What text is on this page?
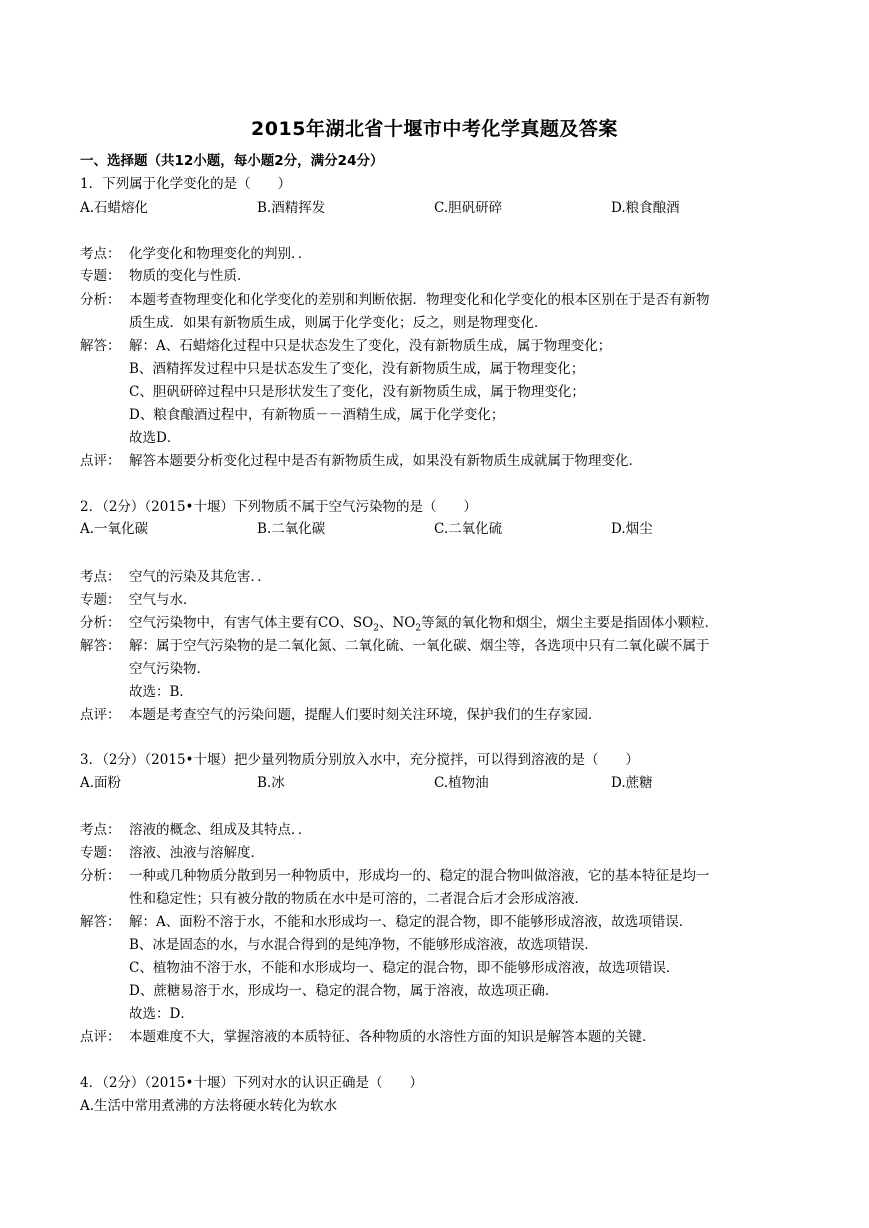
2015年湖北省十堰市中考化学真题及答案
一、选择题（共12小题，每小题2分，满分24分）
1．下列属于化学变化的是（　　）
A.石蜡熔化	B.酒精挥发	C.胆矾研碎	D.粮食酿酒
考点： 化学变化和物理变化的判别．．
专题： 物质的变化与性质．
分析： 本题考查物理变化和化学变化的差别和判断依据．物理变化和化学变化的根本区别在于是否有新物
质生成．如果有新物质生成，则属于化学变化；反之，则是物理变化．
解答： 解：A、石蜡熔化过程中只是状态发生了变化，没有新物质生成，属于物理变化；
B、酒精挥发过程中只是状态发生了变化，没有新物质生成，属于物理变化；
C、胆矾研碎过程中只是形状发生了变化，没有新物质生成，属于物理变化；
D、粮食酿酒过程中，有新物质－－酒精生成，属于化学变化；
故选D．
点评： 解答本题要分析变化过程中是否有新物质生成，如果没有新物质生成就属于物理变化．
2．（2分）（2015•十堰）下列物质不属于空气污染物的是（　　）
A.一氧化碳	B.二氧化碳	C.二氧化硫	D.烟尘
考点： 空气的污染及其危害．．
专题： 空气与水．
分析： 空气污染物中，有害气体主要有CO、$SO_2$、$NO_2$等氮的氧化物和烟尘，烟尘主要是指固体小颗粒．
解答： 解：属于空气污染物的是二氧化氮、二氧化硫、一氧化碳、烟尘等，各选项中只有二氧化碳不属于
空气污染物．
故选：B．
点评： 本题是考查空气的污染问题，提醒人们要时刻关注环境，保护我们的生存家园．
3．（2分）（2015•十堰）把少量列物质分别放入水中，充分搅拌，可以得到溶液的是（　　）
A.面粉	B.冰	C.植物油	D.蔗糖
考点： 溶液的概念、组成及其特点．．
专题： 溶液、浊液与溶解度．
分析： 一种或几种物质分散到另一种物质中，形成均一的、稳定的混合物叫做溶液，它的基本特征是均一
性和稳定性；只有被分散的物质在水中是可溶的，二者混合后才会形成溶液．
解答： 解：A、面粉不溶于水，不能和水形成均一、稳定的混合物，即不能够形成溶液，故选项错误．
B、冰是固态的水，与水混合得到的是纯净物，不能够形成溶液，故选项错误．
C、植物油不溶于水，不能和水形成均一、稳定的混合物，即不能够形成溶液，故选项错误．
D、蔗糖易溶于水，形成均一、稳定的混合物，属于溶液，故选项正确．
故选：D．
点评： 本题难度不大，掌握溶液的本质特征、各种物质的水溶性方面的知识是解答本题的关键．
4．（2分）（2015•十堰）下列对水的认识正确是（　　）
A.生活中常用煮沸的方法将硬水转化为软水
